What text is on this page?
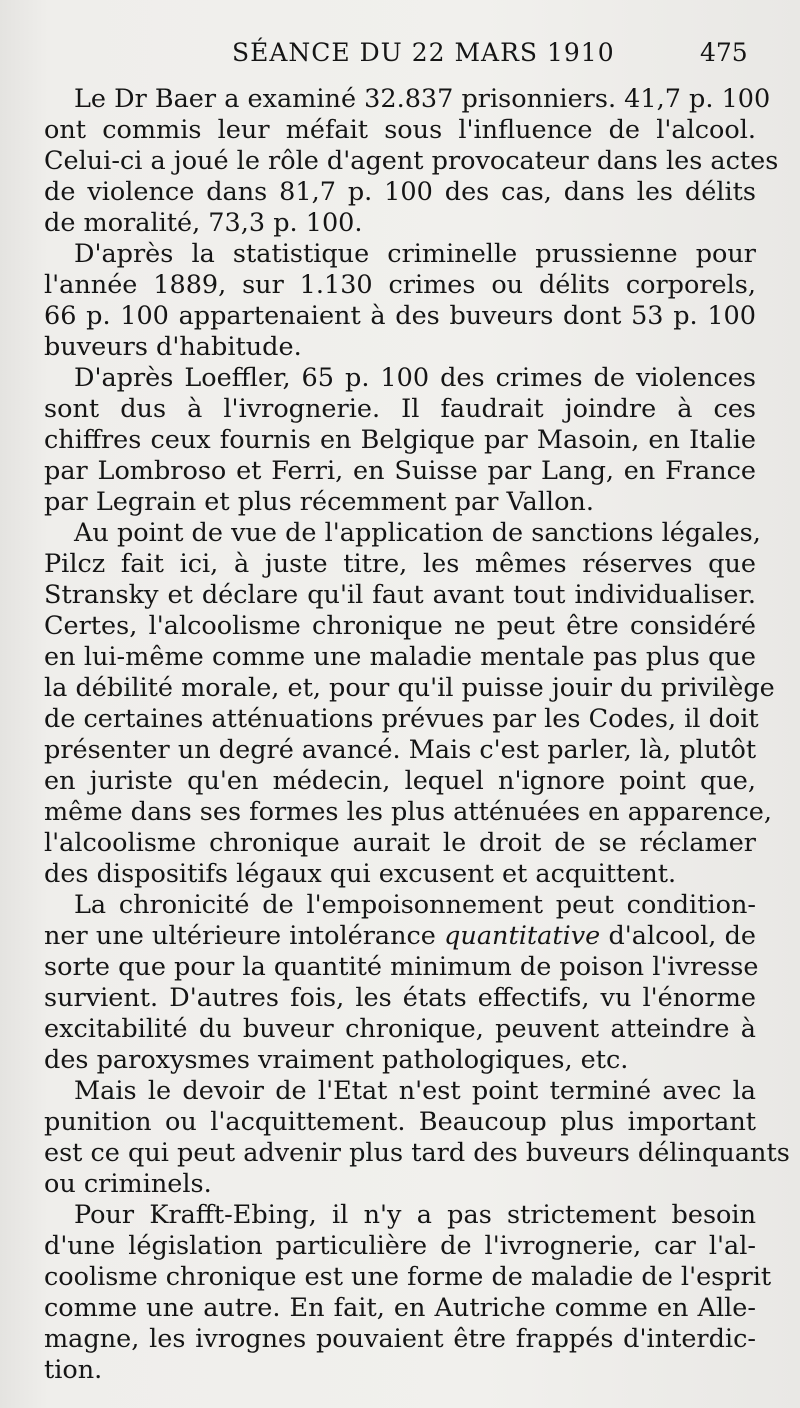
SÉANCE DU 22 MARS 1910	475
Le Dr Baer a examiné 32.837 prisonniers. 41,7 p. 100
ont commis leur méfait sous l'influence de l'alcool.
Celui-ci a joué le rôle d'agent provocateur dans les actes
de violence dans 81,7 p. 100 des cas, dans les délits
de moralité, 73,3 p. 100.
D'après la statistique criminelle prussienne pour
l'année 1889, sur 1.130 crimes ou délits corporels,
66 p. 100 appartenaient à des buveurs dont 53 p. 100
buveurs d'habitude.
D'après Loeffler, 65 p. 100 des crimes de violences
sont dus à l'ivrognerie. Il faudrait joindre à ces
chiffres ceux fournis en Belgique par Masoin, en Italie
par Lombroso et Ferri, en Suisse par Lang, en France
par Legrain et plus récemment par Vallon.
Au point de vue de l'application de sanctions légales,
Pilcz fait ici, à juste titre, les mêmes réserves que
Stransky et déclare qu'il faut avant tout individualiser.
Certes, l'alcoolisme chronique ne peut être considéré
en lui-même comme une maladie mentale pas plus que
la débilité morale, et, pour qu'il puisse jouir du privilège
de certaines atténuations prévues par les Codes, il doit
présenter un degré avancé. Mais c'est parler, là, plutôt
en juriste qu'en médecin, lequel n'ignore point que,
même dans ses formes les plus atténuées en apparence,
l'alcoolisme chronique aurait le droit de se réclamer
des dispositifs légaux qui excusent et acquittent.
La chronicité de l'empoisonnement peut condition-
ner une ultérieure intolérance quantitative d'alcool, de
sorte que pour la quantité minimum de poison l'ivresse
survient. D'autres fois, les états effectifs, vu l'énorme
excitabilité du buveur chronique, peuvent atteindre à
des paroxysmes vraiment pathologiques, etc.
Mais le devoir de l'Etat n'est point terminé avec la
punition ou l'acquittement. Beaucoup plus important
est ce qui peut advenir plus tard des buveurs délinquants
ou criminels.
Pour Krafft-Ebing, il n'y a pas strictement besoin
d'une législation particulière de l'ivrognerie, car l'al-
coolisme chronique est une forme de maladie de l'esprit
comme une autre. En fait, en Autriche comme en Alle-
magne, les ivrognes pouvaient être frappés d'interdic-
tion.
